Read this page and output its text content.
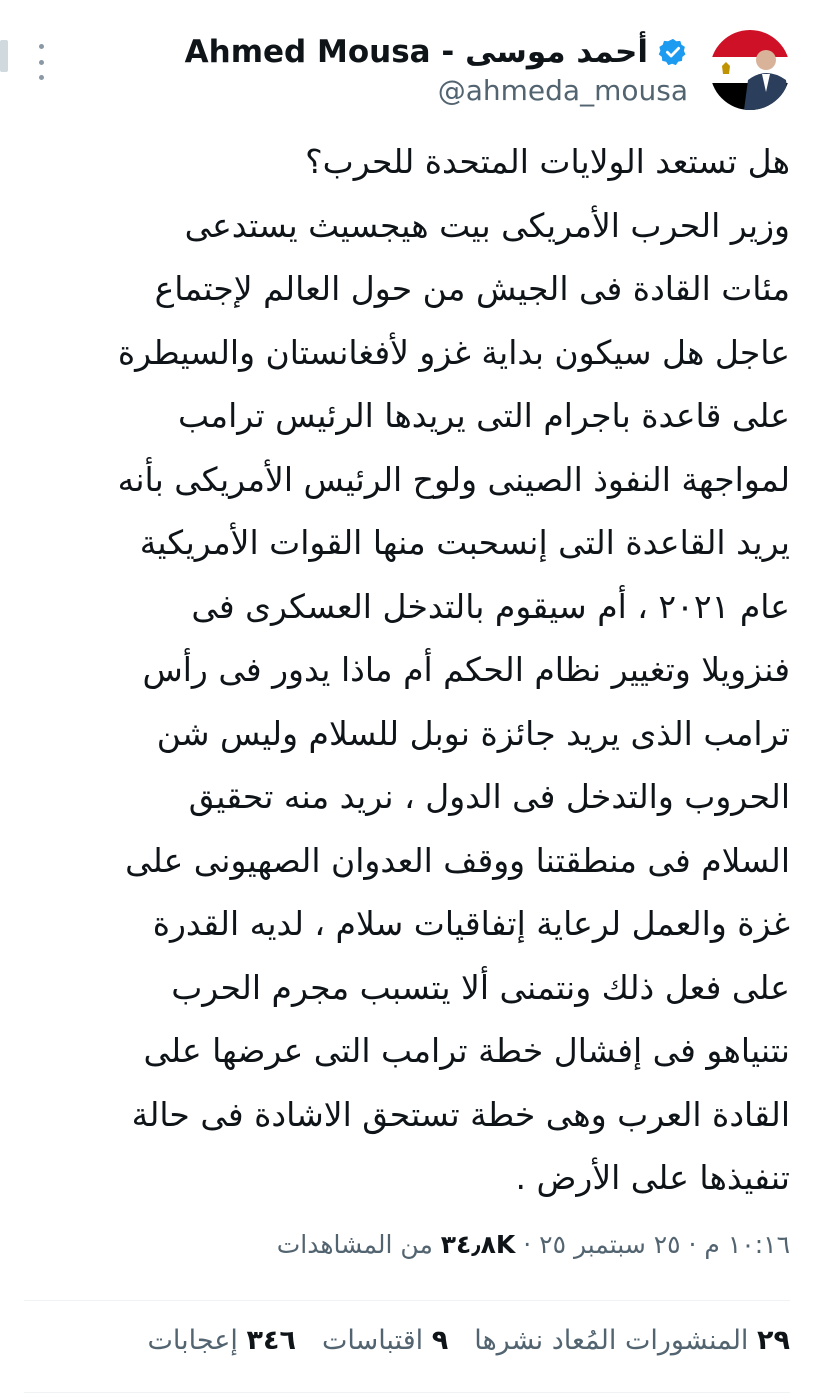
Ahmed Mousa - أحمد موسى
@ahmeda_mousa
هل تستعد الولايات المتحدة للحرب؟
وزير الحرب الأمريكى بيت هيجسيث يستدعى
مئات القادة فى الجيش من حول العالم لإجتماع
عاجل هل سيكون بداية غزو لأفغانستان والسيطرة
على قاعدة باجرام التى يريدها الرئيس ترامب
لمواجهة النفوذ الصينى ولوح الرئيس الأمريكى بأنه
يريد القاعدة التى إنسحبت منها القوات الأمريكية
عام ٢٠٢١ ، أم سيقوم بالتدخل العسكرى فى
فنزويلا وتغيير نظام الحكم أم ماذا يدور فى رأس
ترامب الذى يريد جائزة نوبل للسلام وليس شن
الحروب والتدخل فى الدول ، نريد منه تحقيق
السلام فى منطقتنا ووقف العدوان الصهيونى على
غزة والعمل لرعاية إتفاقيات سلام ، لديه القدرة
على فعل ذلك ونتمنى ألا يتسبب مجرم الحرب
نتنياهو فى إفشال خطة ترامب التى عرضها على
القادة العرب وهى خطة تستحق الاشادة فى حالة
تنفيذها على الأرض .
١٠:١٦ م · ٢٥ سبتمبر ٢٥ · ٣٤٫٨K من المشاهدات
٢٩ المنشورات المُعاد نشرها
٩ اقتباسات
٣٤٦ إعجابات
